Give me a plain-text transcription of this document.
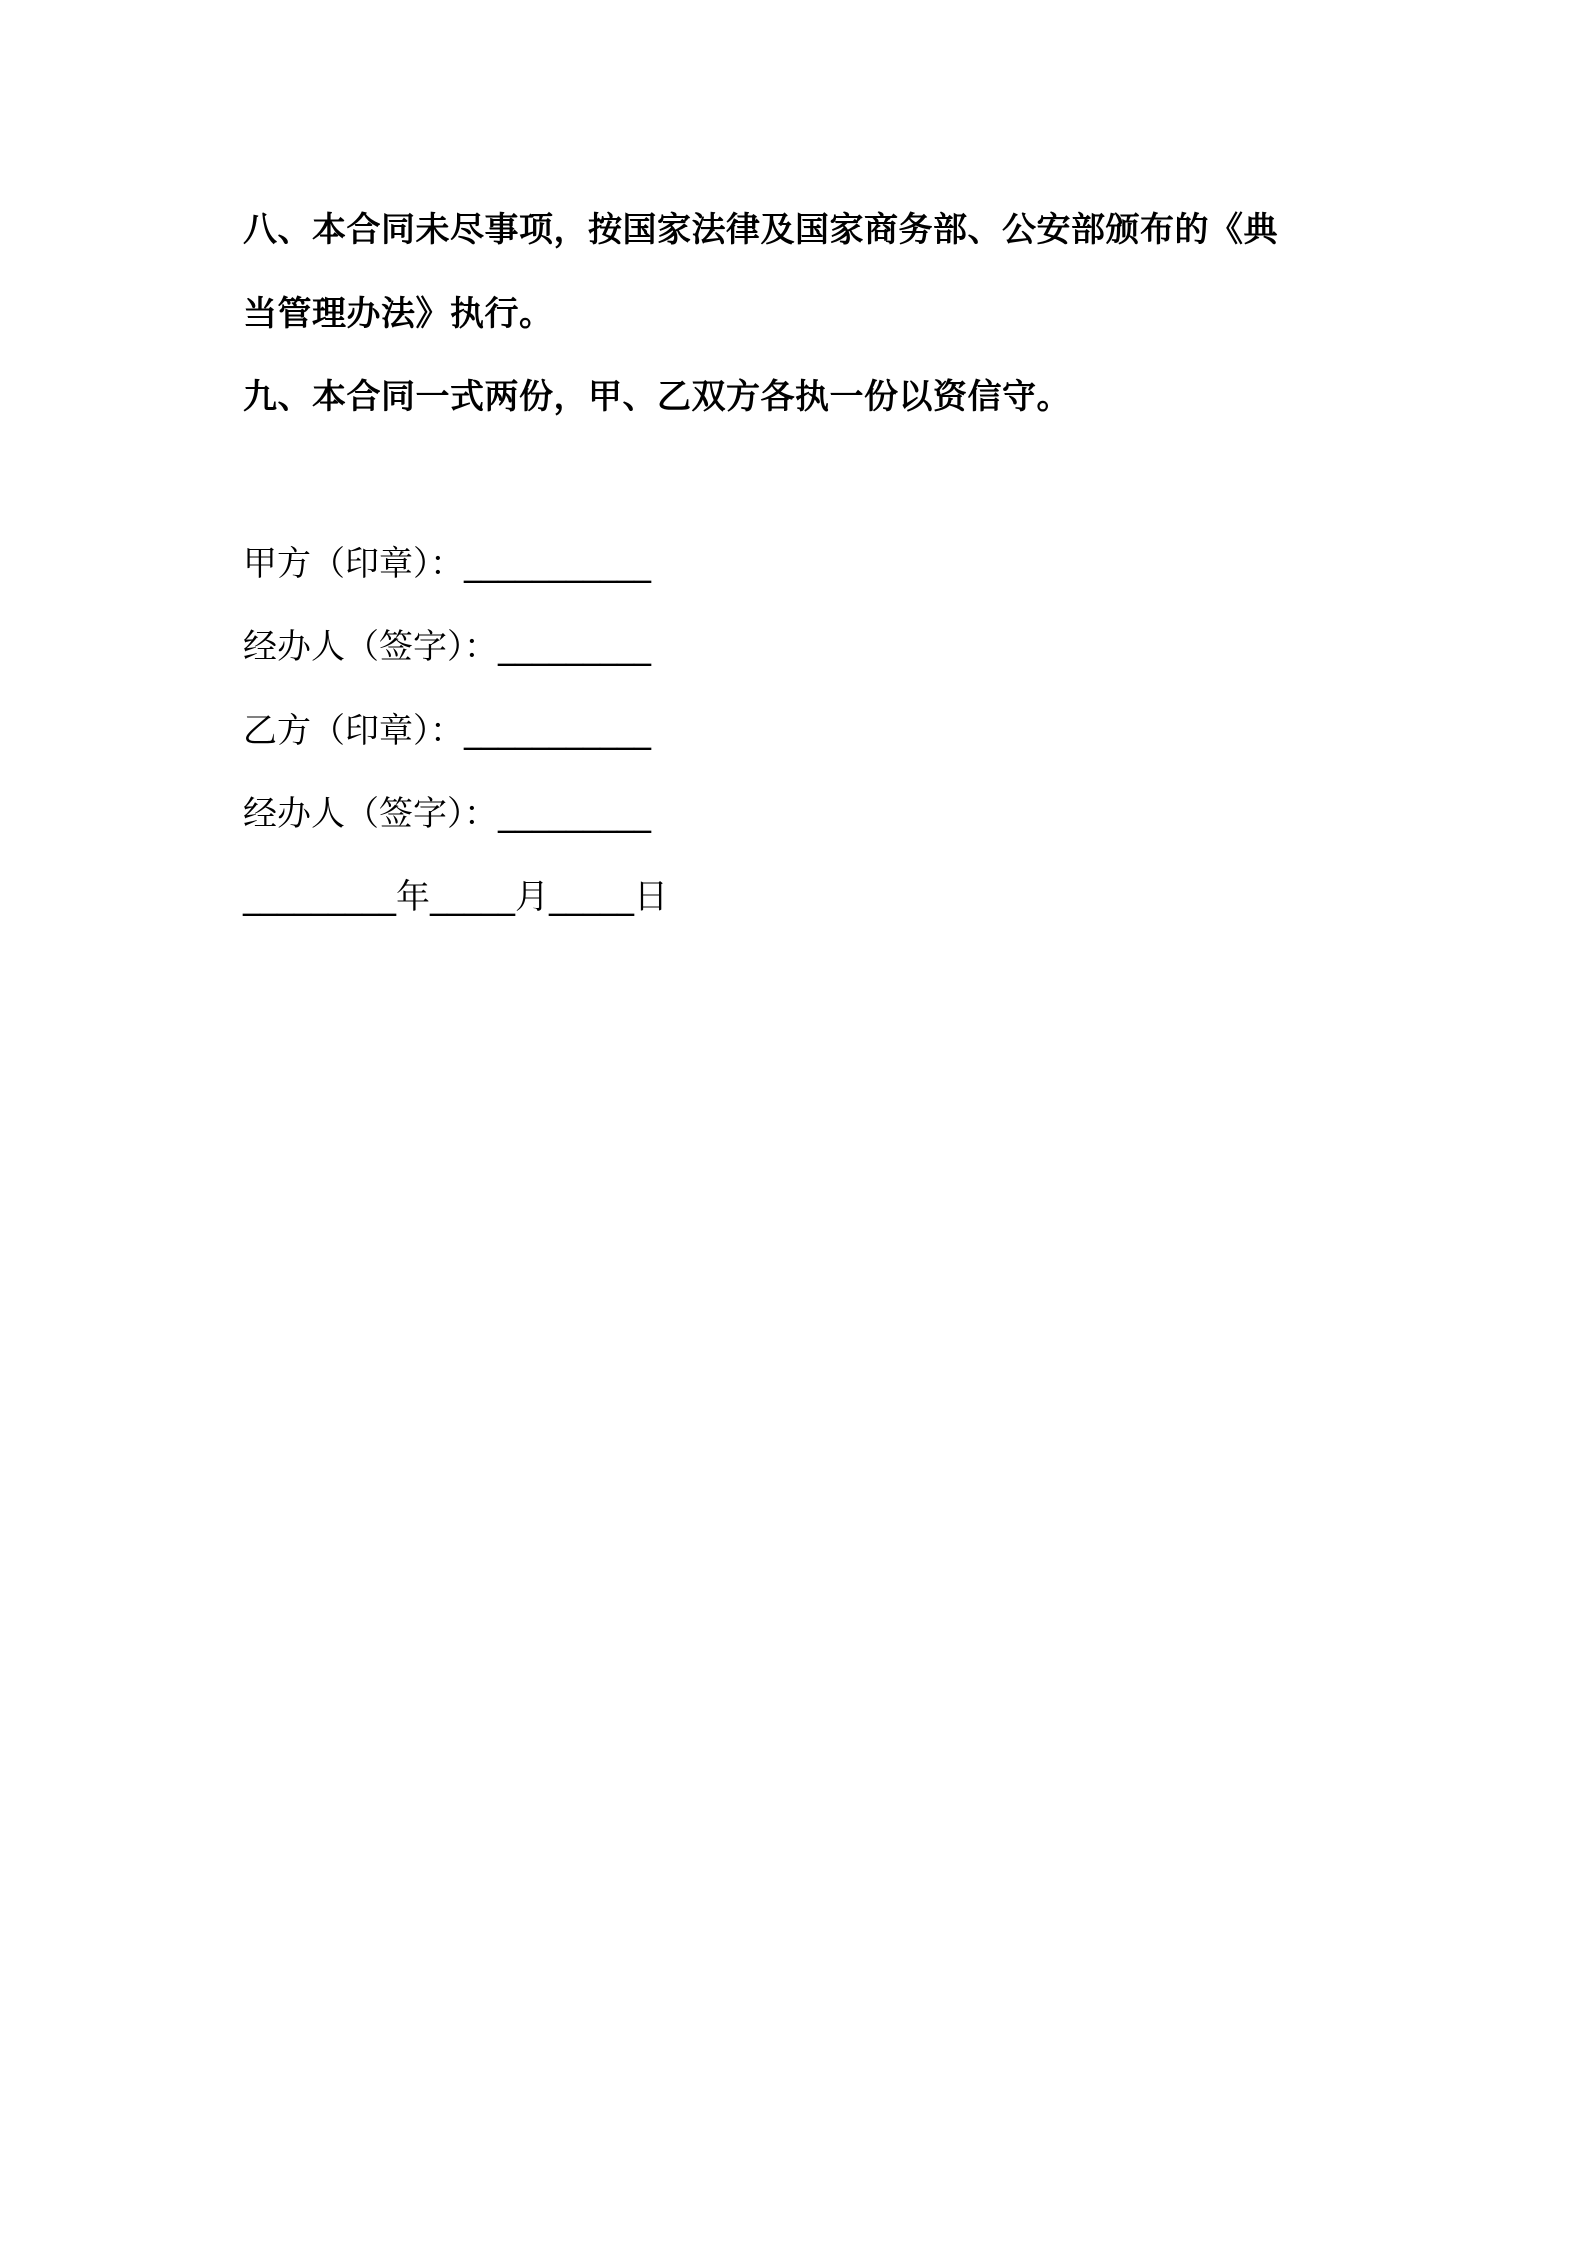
八、本合同未尽事项，按国家法律及国家商务部、公安部颁布的《典
当管理办法》执行。
九、本合同一式两份，甲、乙双方各执一份以资信守。
甲方（印章）：___________
经办人（签字）：_________
乙方（印章）：___________
经办人（签字）：_________
_________年_____月_____日
